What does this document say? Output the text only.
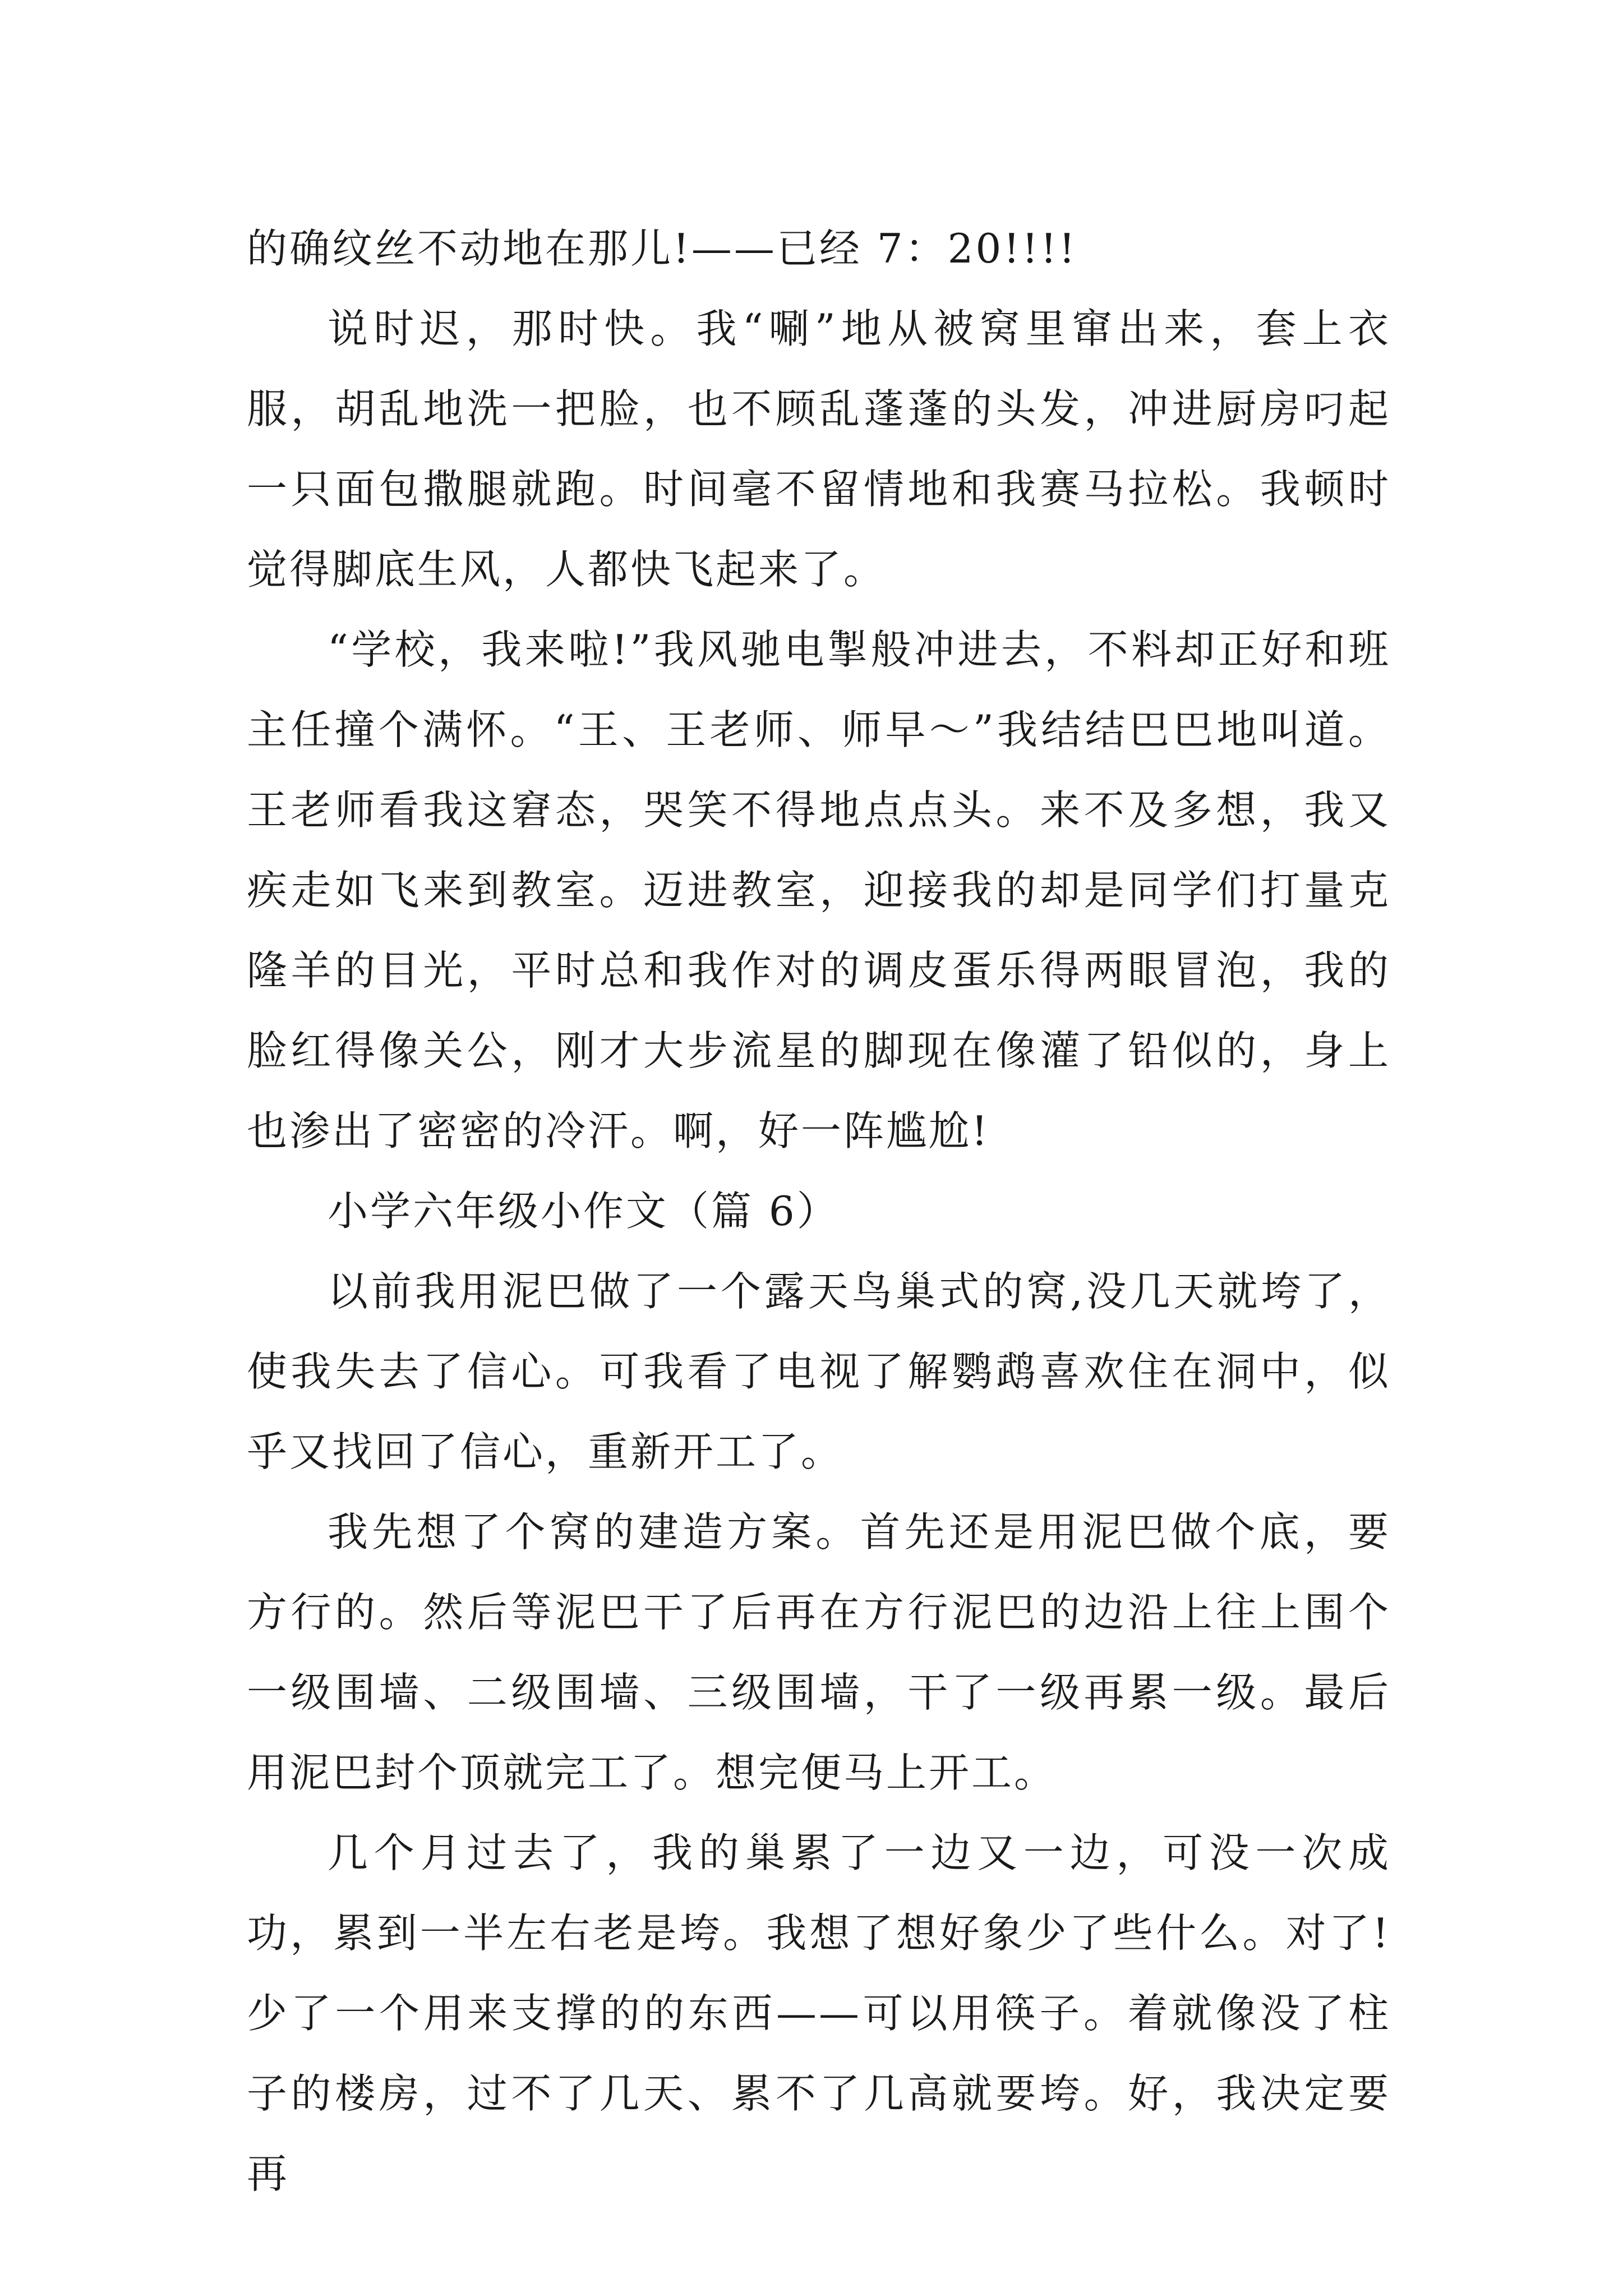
的确纹丝不动地在那儿!——已经 7：20!!!!

说时迟，那时快。我“唰”地从被窝里窜出来，套上衣服，胡乱地洗一把脸，也不顾乱蓬蓬的头发，冲进厨房叼起一只面包撒腿就跑。时间毫不留情地和我赛马拉松。我顿时觉得脚底生风，人都快飞起来了。

“学校，我来啦!”我风驰电掣般冲进去，不料却正好和班主任撞个满怀。“王、王老师、师早～”我结结巴巴地叫道。王老师看我这窘态，哭笑不得地点点头。来不及多想，我又疾走如飞来到教室。迈进教室，迎接我的却是同学们打量克隆羊的目光，平时总和我作对的调皮蛋乐得两眼冒泡，我的脸红得像关公，刚才大步流星的脚现在像灌了铅似的，身上也渗出了密密的冷汗。啊，好一阵尴尬!

小学六年级小作文（篇 6）

以前我用泥巴做了一个露天鸟巢式的窝,没几天就垮了，使我失去了信心。可我看了电视了解鹦鹉喜欢住在洞中，似乎又找回了信心，重新开工了。

我先想了个窝的建造方案。首先还是用泥巴做个底，要方行的。然后等泥巴干了后再在方行泥巴的边沿上往上围个一级围墙、二级围墙、三级围墙，干了一级再累一级。最后用泥巴封个顶就完工了。想完便马上开工。

几个月过去了，我的巢累了一边又一边，可没一次成功，累到一半左右老是垮。我想了想好象少了些什么。对了!少了一个用来支撑的的东西——可以用筷子。着就像没了柱子的楼房，过不了几天、累不了几高就要垮。好，我决定要再
